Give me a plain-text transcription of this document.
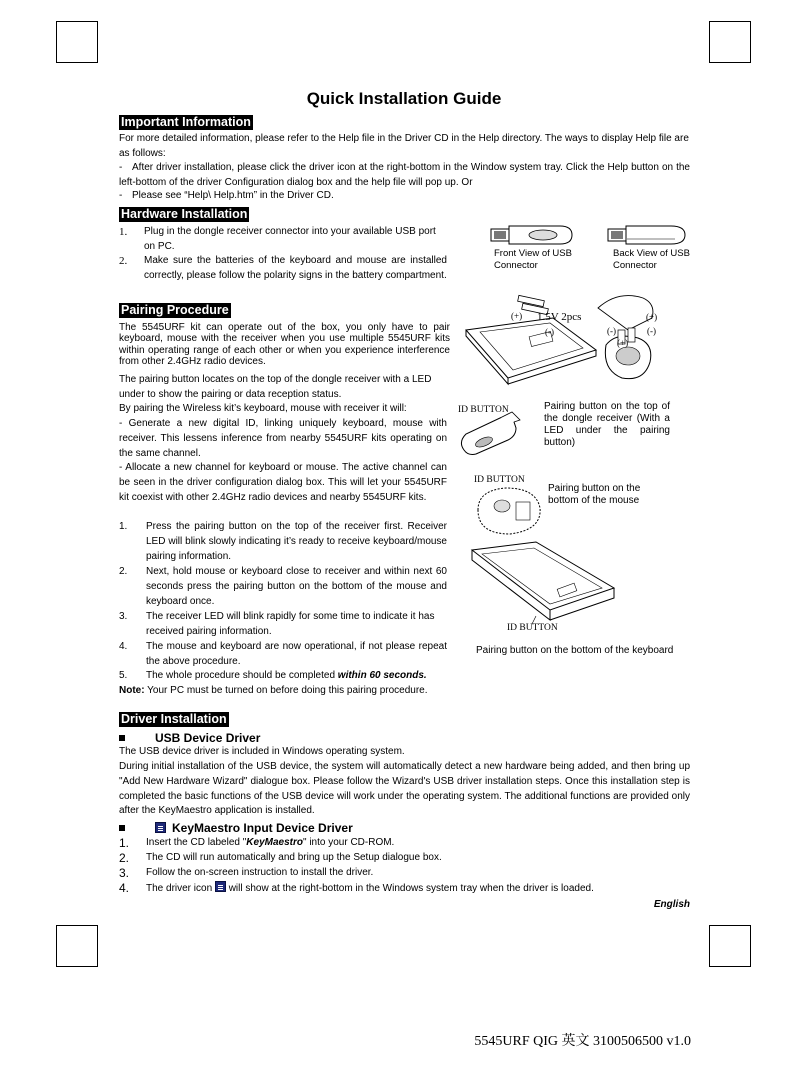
Quick Installation Guide
Important Information
For more detailed information, please refer to the Help file in the Driver CD in the Help directory. The ways to display Help file are as follows:
- After driver installation, please click the driver icon at the right-bottom in the Window system tray. Click the Help button on the left-bottom of the driver Configuration dialog box and the help file will pop up. Or
- Please see “Help\ Help.htm” in the Driver CD.
Hardware Installation
1. Plug in the dongle receiver connector into your available USB port on PC.
2. Make sure the batteries of the keyboard and mouse are installed correctly, please follow the polarity signs in the battery compartment.
Pairing Procedure
The 5545URF kit can operate out of the box, you only have to pair keyboard, mouse with the receiver when you use multiple 5545URF kits within operating range of each other or when you experience interference from other 2.4GHz radio devices.
The pairing button locates on the top of the dongle receiver with a LED under to show the pairing or data reception status.
By pairing the Wireless kit’s keyboard, mouse with receiver it will:
- Generate a new digital ID, linking uniquely keyboard, mouse with receiver. This lessens inference from nearby 5545URF kits operating on the same channel.
- Allocate a new channel for keyboard or mouse. The active channel can be seen in the driver configuration dialog box. This will let your 5545URF kit coexist with other 2.4GHz radio devices and nearby 5545URF kits.
1. Press the pairing button on the top of the receiver first. Receiver LED will blink slowly indicating it’s ready to receive keyboard/mouse pairing information.
2. Next, hold mouse or keyboard close to receiver and within next 60 seconds press the pairing button on the bottom of the mouse and keyboard once.
3. The receiver LED will blink rapidly for some time to indicate it has received pairing information.
4. The mouse and keyboard are now operational, if not please repeat the above procedure.
5. The whole procedure should be completed within 60 seconds.
Note: Your PC must be turned on before doing this pairing procedure.
Front View of USB Connector
Back View of USB Connector
(+)
(-)
1.5V 2pcs	(+)
(-)	(-)
(+)
ID BUTTON	Pairing button on the top of the dongle receiver (With a LED under the pairing button)
ID BUTTON
Pairing button on the bottom of the mouse
ID BUTTON
Pairing button on the bottom of the keyboard
Driver Installation
USB Device Driver
The USB device driver is included in Windows operating system.
During initial installation of the USB device, the system will automatically detect a new hardware being added, and then bring up "Add New Hardware Wizard" dialogue box. Please follow the Wizard's USB driver installation steps. Once this installation step is completed the basic functions of the USB device will work under the operating system. The additional functions are provided only after the KeyMaestro application is installed.
KeyMaestro Input Device Driver
1. Insert the CD labeled "KeyMaestro" into your CD-ROM.
2. The CD will run automatically and bring up the Setup dialogue box.
3. Follow the on-screen instruction to install the driver.
4. The driver icon will show at the right-bottom in the Windows system tray when the driver is loaded.
English
5545URF QIG 英文 3100506500 v1.0
